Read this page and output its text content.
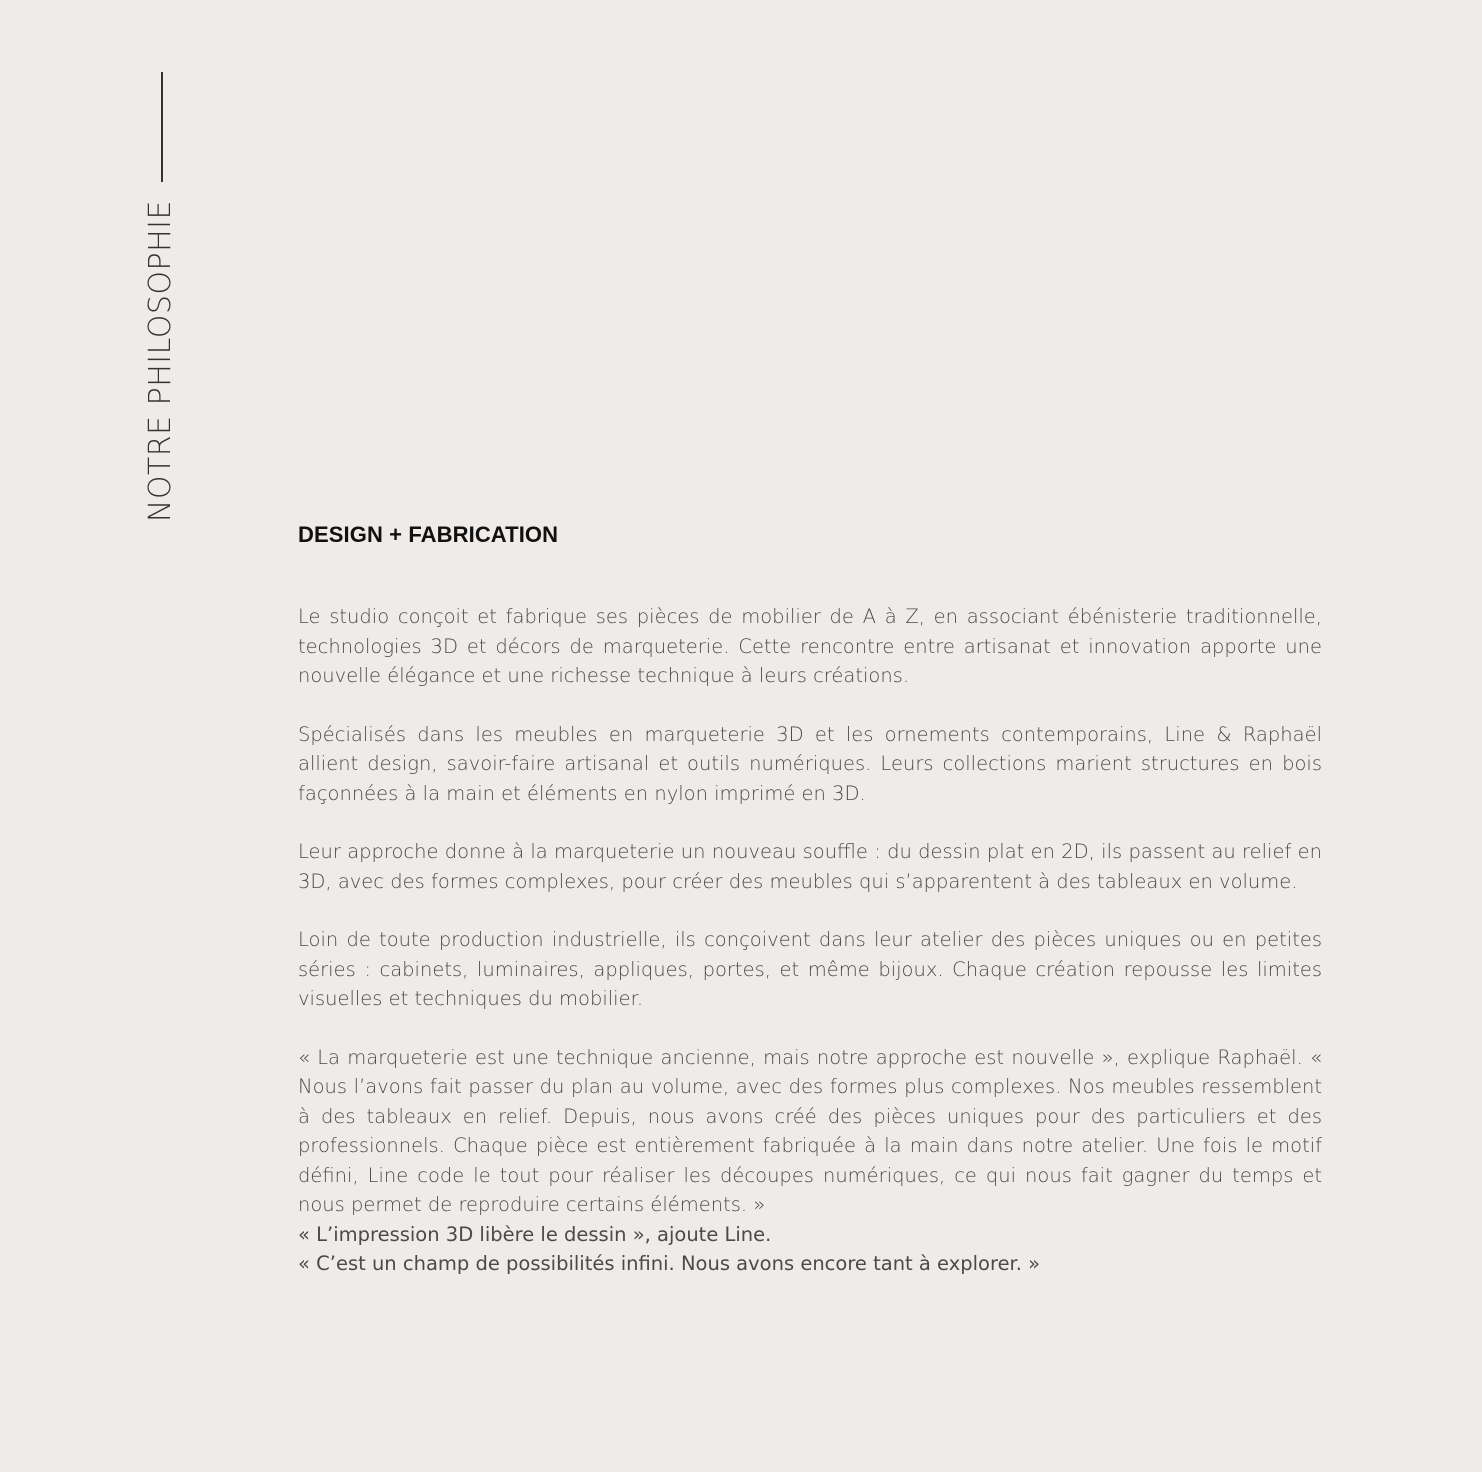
NOTRE PHILOSOPHIE
DESIGN + FABRICATION

Le studio conçoit et fabrique ses pièces de mobilier de A à Z, en associant ébénisterie traditionnelle, technologies 3D et décors de marqueterie. Cette rencontre entre artisanat et innovation apporte une nouvelle élégance et une richesse technique à leurs créations.

Spécialisés dans les meubles en marqueterie 3D et les ornements contemporains, Line & Raphaël allient design, savoir-faire artisanal et outils numériques. Leurs collections marient structures en bois façonnées à la main et éléments en nylon imprimé en 3D.

Leur approche donne à la marqueterie un nouveau souffle : du dessin plat en 2D, ils passent au relief en 3D, avec des formes complexes, pour créer des meubles qui s’apparentent à des tableaux en volume.

Loin de toute production industrielle, ils conçoivent dans leur atelier des pièces uniques ou en petites séries : cabinets, luminaires, appliques, portes, et même bijoux. Chaque création repousse les limites visuelles et techniques du mobilier.

« La marqueterie est une technique ancienne, mais notre approche est nouvelle », explique Raphaël. « Nous l’avons fait passer du plan au volume, avec des formes plus complexes. Nos meubles ressemblent à des tableaux en relief. Depuis, nous avons créé des pièces uniques pour des particuliers et des professionnels. Chaque pièce est entièrement fabriquée à la main dans notre atelier. Une fois le motif défini, Line code le tout pour réaliser les découpes numériques, ce qui nous fait gagner du temps et nous permet de reproduire certains éléments. »

« L’impression 3D libère le dessin », ajoute Line.

« C’est un champ de possibilités infini. Nous avons encore tant à explorer. »
